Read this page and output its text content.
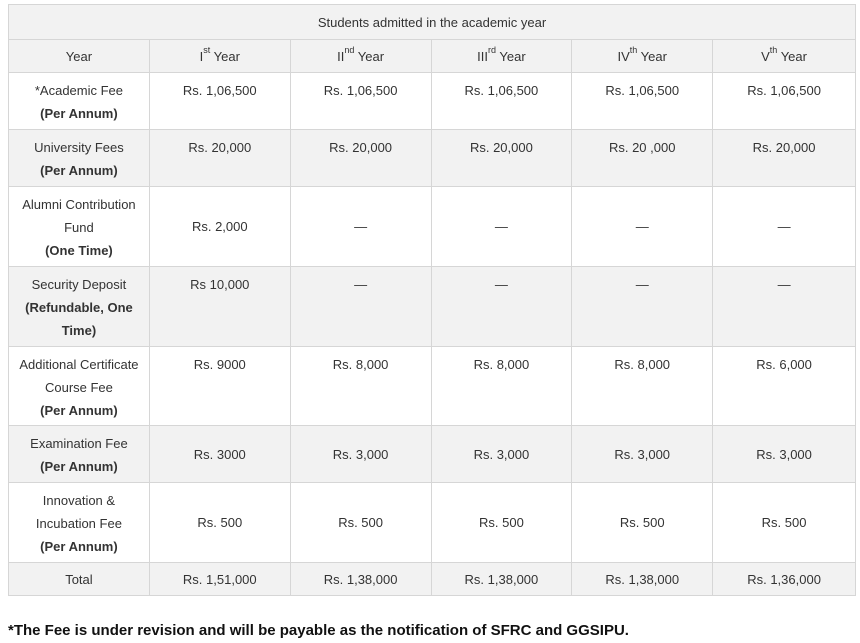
Students admitted in the academic year					
Year	Ist Year	IInd Year	IIIrd Year	IVth Year	Vth Year

*Academic Fee
(Per Annum)	Rs. 1,06,500	Rs. 1,06,500	Rs. 1,06,500	Rs. 1,06,500	Rs. 1,06,500

University Fees
(Per Annum)	Rs. 20,000	Rs. 20,000	Rs. 20,000	Rs. 20 ,000	Rs. 20,000

Alumni Contribution
Fund
(One Time)	Rs. 2,000	—	—	—	—

Security Deposit
(Refundable, One
Time)	Rs 10,000	—	—	—	—

Additional Certificate
Course Fee
(Per Annum)	Rs. 9000	Rs. 8,000	Rs. 8,000	Rs. 8,000	Rs. 6,000

Examination Fee
(Per Annum)	Rs. 3000	Rs. 3,000	Rs. 3,000	Rs. 3,000	Rs. 3,000

Innovation &
Incubation Fee
(Per Annum)	Rs. 500	Rs. 500	Rs. 500	Rs. 500	Rs. 500
Total	Rs. 1,51,000	Rs. 1,38,000	Rs. 1,38,000	Rs. 1,38,000	Rs. 1,36,000
*The Fee is under revision and will be payable as the notification of SFRC and GGSIPU.
